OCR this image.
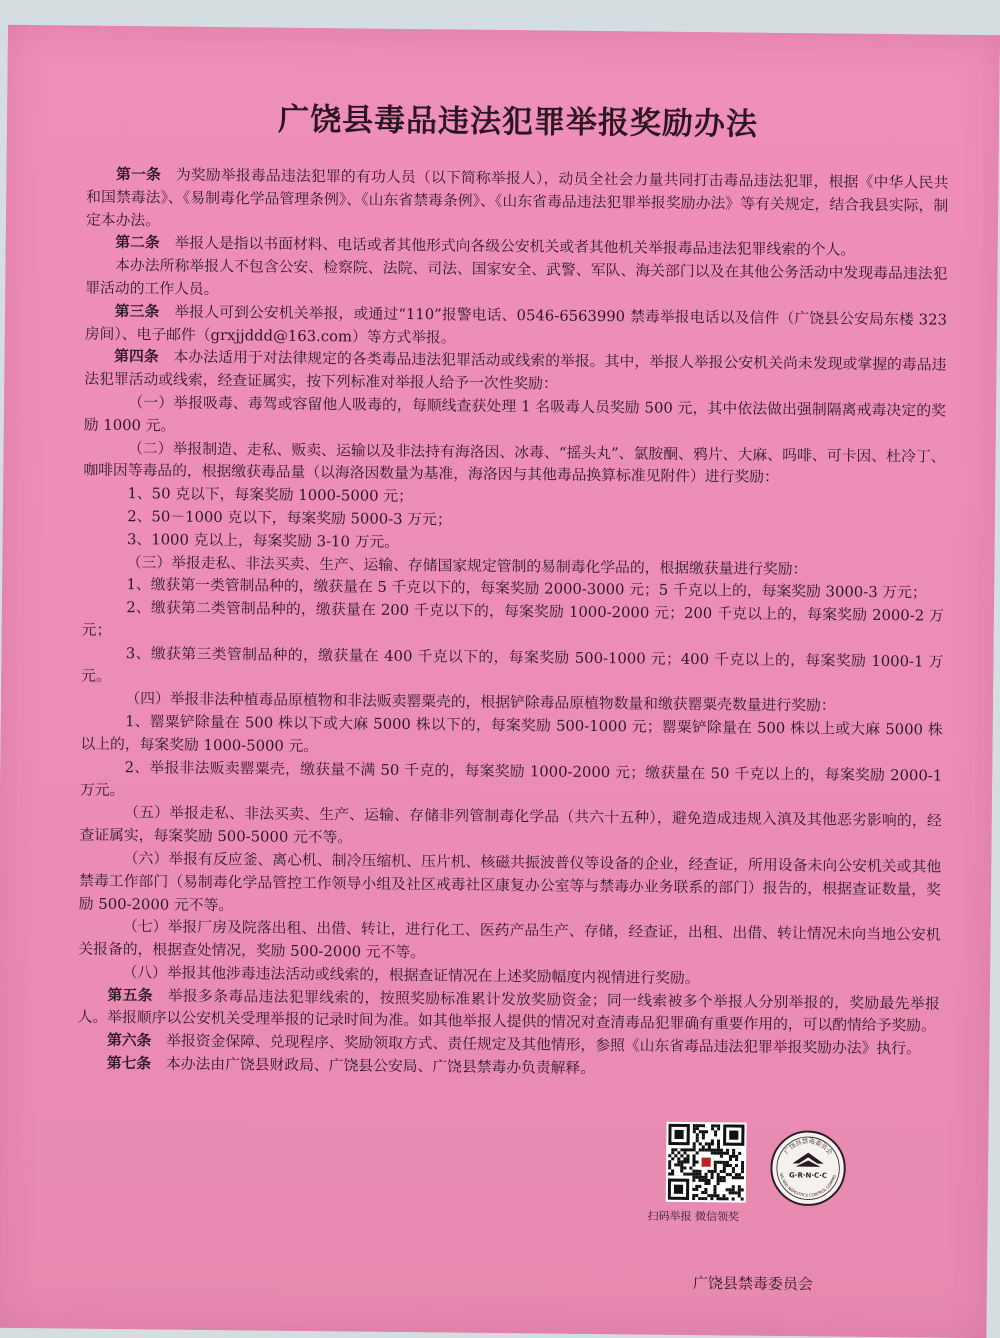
广饶县毒品违法犯罪举报奖励办法

第一条 为奖励举报毒品违法犯罪的有功人员（以下简称举报人），动员全社会力量共同打击毒品违法犯罪，根据《中华人民共和国禁毒法》、《易制毒化学品管理条例》、《山东省禁毒条例》、《山东省毒品违法犯罪举报奖励办法》等有关规定，结合我县实际，制定本办法。

第二条 举报人是指以书面材料、电话或者其他形式向各级公安机关或者其他机关举报毒品违法犯罪线索的个人。

本办法所称举报人不包含公安、检察院、法院、司法、国家安全、武警、军队、海关部门以及在其他公务活动中发现毒品违法犯罪活动的工作人员。

第三条 举报人可到公安机关举报，或通过“110”报警电话、0546-6563990 禁毒举报电话以及信件（广饶县公安局东楼 323 房间）、电子邮件（grxjjddd@163.com）等方式举报。

第四条 本办法适用于对法律规定的各类毒品违法犯罪活动或线索的举报。其中，举报人举报公安机关尚未发现或掌握的毒品违法犯罪活动或线索，经查证属实，按下列标准对举报人给予一次性奖励：

（一）举报吸毒、毒驾或容留他人吸毒的，每顺线查获处理 1 名吸毒人员奖励 500 元，其中依法做出强制隔离戒毒决定的奖励 1000 元。

（二）举报制造、走私、贩卖、运输以及非法持有海洛因、冰毒、“摇头丸”、氯胺酮、鸦片、大麻、吗啡、可卡因、杜冷丁、咖啡因等毒品的，根据缴获毒品量（以海洛因数量为基准，海洛因与其他毒品换算标准见附件）进行奖励：

1、50 克以下，每案奖励 1000-5000 元；

2、50－1000 克以下，每案奖励 5000-3 万元；

3、1000 克以上，每案奖励 3-10 万元。

（三）举报走私、非法买卖、生产、运输、存储国家规定管制的易制毒化学品的，根据缴获量进行奖励：

1、缴获第一类管制品种的，缴获量在 5 千克以下的，每案奖励 2000-3000 元；5 千克以上的，每案奖励 3000-3 万元；

2、缴获第二类管制品种的，缴获量在 200 千克以下的，每案奖励 1000-2000 元；200 千克以上的，每案奖励 2000-2 万元；

3、缴获第三类管制品种的，缴获量在 400 千克以下的，每案奖励 500-1000 元；400 千克以上的，每案奖励 1000-1 万元。

（四）举报非法种植毒品原植物和非法贩卖罂粟壳的，根据铲除毒品原植物数量和缴获罂粟壳数量进行奖励：

1、罂粟铲除量在 500 株以下或大麻 5000 株以下的，每案奖励 500-1000 元；罂粟铲除量在 500 株以上或大麻 5000 株以上的，每案奖励 1000-5000 元。

2、举报非法贩卖罂粟壳，缴获量不满 50 千克的，每案奖励 1000-2000 元；缴获量在 50 千克以上的，每案奖励 2000-1 万元。

（五）举报走私、非法买卖、生产、运输、存储非列管制毒化学品（共六十五种），避免造成违规入滇及其他恶劣影响的，经查证属实，每案奖励 500-5000 元不等。

（六）举报有反应釜、离心机、制冷压缩机、压片机、核磁共振波普仪等设备的企业，经查证，所用设备未向公安机关或其他禁毒工作部门（易制毒化学品管控工作领导小组及社区戒毒社区康复办公室等与禁毒办业务联系的部门）报告的，根据查证数量，奖励 500-2000 元不等。

（七）举报厂房及院落出租、出借、转让，进行化工、医药产品生产、存储，经查证，出租、出借、转让情况未向当地公安机关报备的，根据查处情况，奖励 500-2000 元不等。

（八）举报其他涉毒违法活动或线索的，根据查证情况在上述奖励幅度内视情进行奖励。

第五条 举报多条毒品违法犯罪线索的，按照奖励标准累计发放奖励资金；同一线索被多个举报人分别举报的，奖励最先举报人。举报顺序以公安机关受理举报的记录时间为准。如其他举报人提供的情况对查清毒品犯罪确有重要作用的，可以酌情给予奖励。

第六条 举报资金保障、兑现程序、奖励领取方式、责任规定及其他情形，参照《山东省毒品违法犯罪举报奖励办法》执行。

第七条 本办法由广饶县财政局、广饶县公安局、广饶县禁毒办负责解释。

扫码举报 微信领奖
广饶县禁毒委员会
GUANG RAO NARCOTICS CONTROL COMMISSION
G·R·N·C·C
广饶县禁毒委员会
